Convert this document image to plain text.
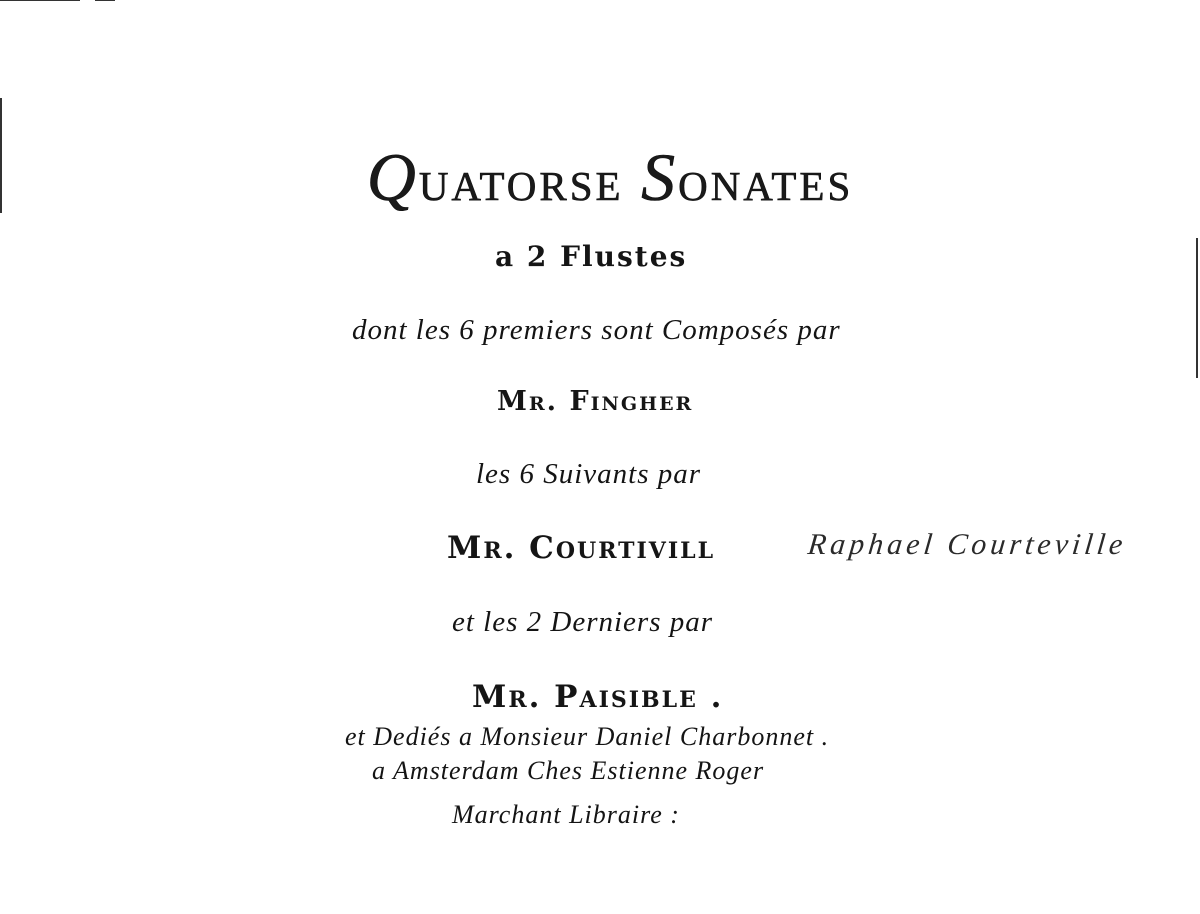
Quatorse Sonates
a 2 Flustes
dont les 6 premiers sont Composés par
Mr. Fingher
les 6 Suivants par
Mr. Courtivill	Raphael Courteville
et les 2 Derniers par
Mr. Paisible .
et Dediés a Monsieur Daniel Charbonnet .
a Amsterdam Ches Estienne Roger
Marchant Libraire :
